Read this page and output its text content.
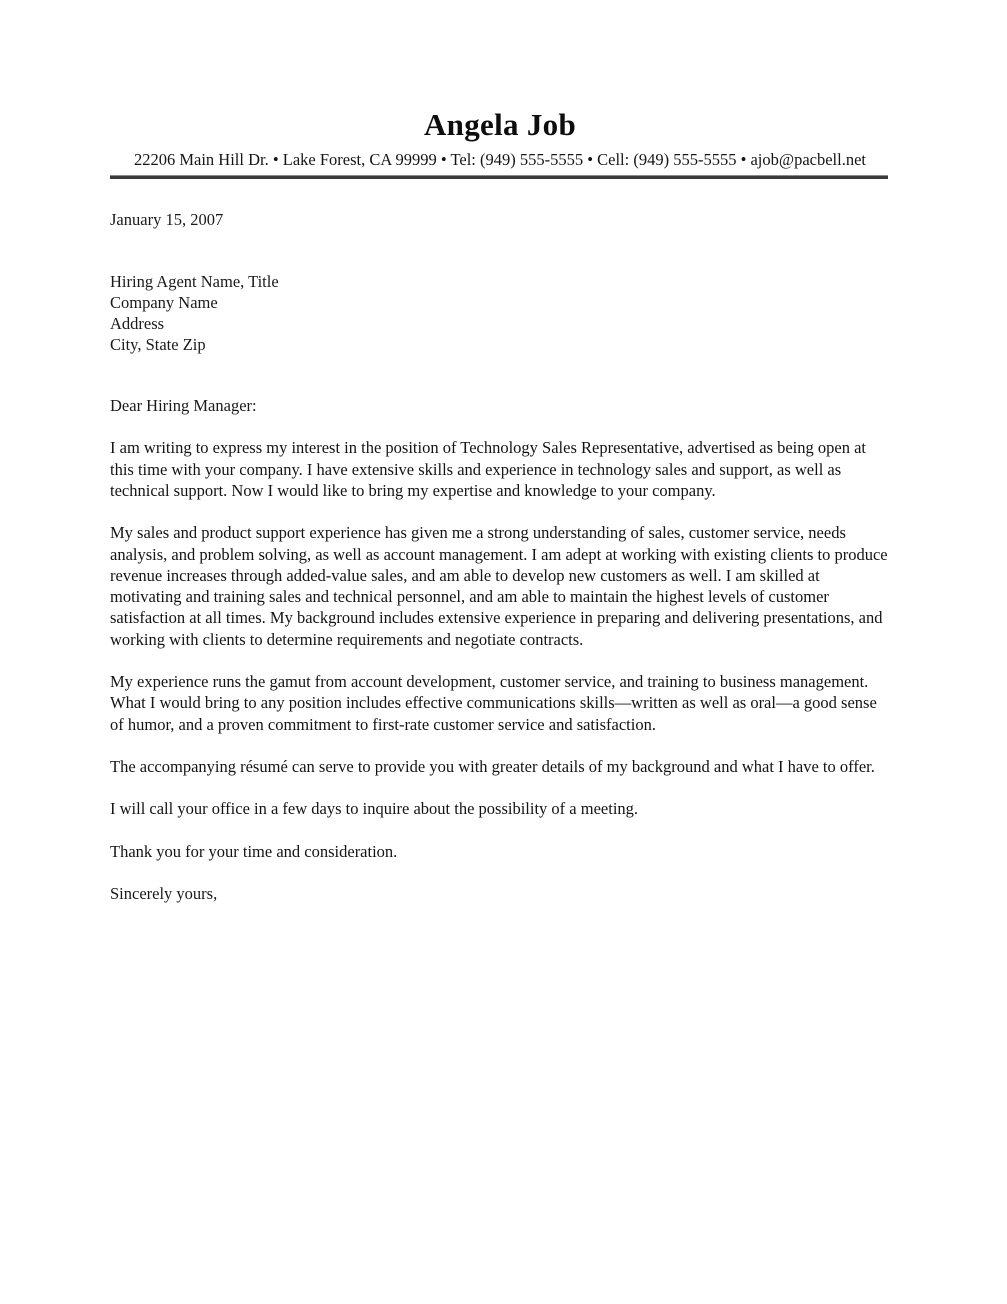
Angela Job
22206 Main Hill Dr. • Lake Forest, CA 99999 • Tel: (949) 555-5555 • Cell: (949) 555-5555 • ajob@pacbell.net
January 15, 2007
Hiring Agent Name, Title
Company Name
Address
City, State Zip
Dear Hiring Manager:

I am writing to express my interest in the position of Technology Sales Representative, advertised as being open at this time with your company. I have extensive skills and experience in technology sales and support, as well as technical support. Now I would like to bring my expertise and knowledge to your company.

My sales and product support experience has given me a strong understanding of sales, customer service, needs analysis, and problem solving, as well as account management. I am adept at working with existing clients to produce revenue increases through added-value sales, and am able to develop new customers as well. I am skilled at motivating and training sales and technical personnel, and am able to maintain the highest levels of customer satisfaction at all times. My background includes extensive experience in preparing and delivering presentations, and working with clients to determine requirements and negotiate contracts.

My experience runs the gamut from account development, customer service, and training to business management. What I would bring to any position includes effective communications skills—written as well as oral—a good sense of humor, and a proven commitment to first-rate customer service and satisfaction.

The accompanying résumé can serve to provide you with greater details of my background and what I have to offer.

I will call your office in a few days to inquire about the possibility of a meeting.

Thank you for your time and consideration.

Sincerely yours,
